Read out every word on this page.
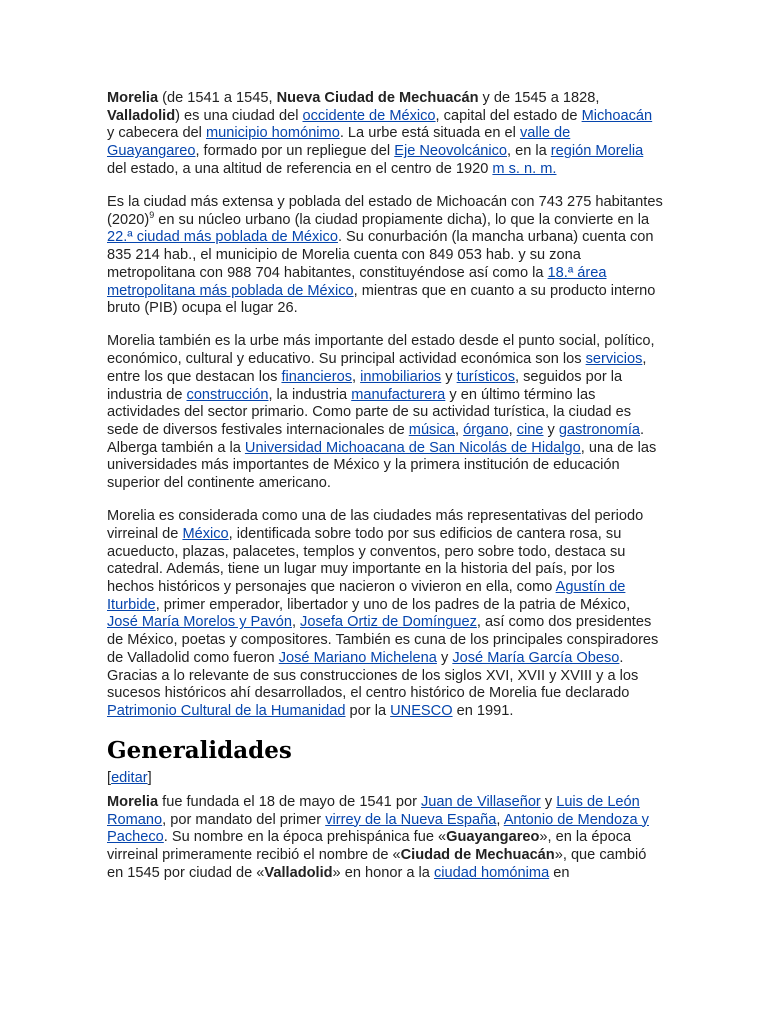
Morelia (de 1541 a 1545, Nueva Ciudad de Mechuacán y de 1545 a 1828, Valladolid) es una ciudad del occidente de México, capital del estado de Michoacán y cabecera del municipio homónimo. La urbe está situada en el valle de Guayangareo, formado por un repliegue del Eje Neovolcánico, en la región Morelia del estado, a una altitud de referencia en el centro de 1920 m s. n. m.

Es la ciudad más extensa y poblada del estado de Michoacán con 743 275 habitantes $(2020)^9$ en su núcleo urbano (la ciudad propiamente dicha), lo que la convierte en la 22.ª ciudad más poblada de México. Su conurbación (la mancha urbana) cuenta con 835 214 hab., el municipio de Morelia cuenta con 849 053 hab. y su zona metropolitana con 988 704 habitantes, constituyéndose así como la 18.ª área metropolitana más poblada de México, mientras que en cuanto a su producto interno bruto (PIB) ocupa el lugar 26.

Morelia también es la urbe más importante del estado desde el punto social, político, económico, cultural y educativo. Su principal actividad económica son los servicios, entre los que destacan los financieros, inmobiliarios y turísticos, seguidos por la industria de construcción, la industria manufacturera y en último término las actividades del sector primario. Como parte de su actividad turística, la ciudad es sede de diversos festivales internacionales de música, órgano, cine y gastronomía. Alberga también a la Universidad Michoacana de San Nicolás de Hidalgo, una de las universidades más importantes de México y la primera institución de educación superior del continente americano.

Morelia es considerada como una de las ciudades más representativas del periodo virreinal de México, identificada sobre todo por sus edificios de cantera rosa, su acueducto, plazas, palacetes, templos y conventos, pero sobre todo, destaca su catedral. Además, tiene un lugar muy importante en la historia del país, por los hechos históricos y personajes que nacieron o vivieron en ella, como Agustín de Iturbide, primer emperador, libertador y uno de los padres de la patria de México, José María Morelos y Pavón, Josefa Ortiz de Domínguez, así como dos presidentes de México, poetas y compositores. También es cuna de los principales conspiradores de Valladolid como fueron José Mariano Michelena y José María García Obeso. Gracias a lo relevante de sus construcciones de los siglos XVI, XVII y XVIII y a los sucesos históricos ahí desarrollados, el centro histórico de Morelia fue declarado Patrimonio Cultural de la Humanidad por la UNESCO en 1991.

Generalidades
[editar]

Morelia fue fundada el 18 de mayo de 1541 por Juan de Villaseñor y Luis de León Romano, por mandato del primer virrey de la Nueva España, Antonio de Mendoza y Pacheco. Su nombre en la época prehispánica fue «Guayangareo», en la época virreinal primeramente recibió el nombre de «Ciudad de Mechuacán», que cambió en 1545 por ciudad de «Valladolid» en honor a la ciudad homónima en
